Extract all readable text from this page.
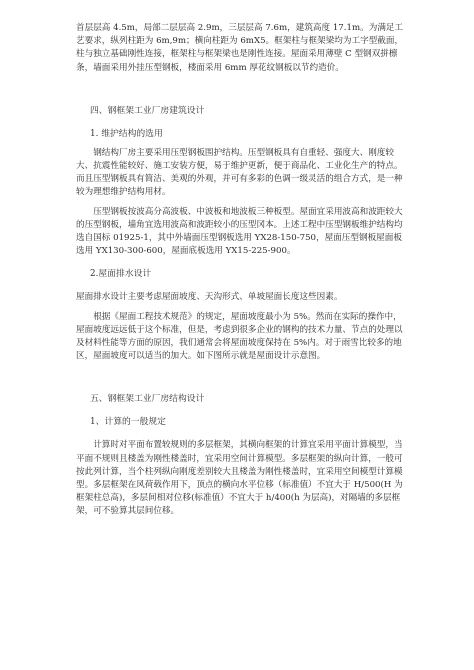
首层层高 4.5m，局部二层层高 2.9m，三层层高 7.6m，建筑高度 17.1m。为满足工艺要求，纵列柱距为 6m,9m；横向柱距为 6mX5。框架柱与框架梁均为工字型截面，柱与独立基础刚性连接，框架柱与框架梁也是刚性连接。屋面采用薄壁 C 型钢双拼檩条，墙面采用外挂压型钢板，楼面采用 6mm 厚花纹钢板以节约造价。

四、钢框架工业厂房建筑设计

1. 维护结构的选用

钢结构厂房主要采用压型钢板围护结构。压型钢板具有自重轻、强度大、刚度较大、抗震性能较好、施工安装方便，易于维护更新，便于商品化、工业化生产的特点。而且压型钢板具有简洁、美观的外观，并可有多彩的色调一级灵活的组合方式，是一种较为理想维护结构用材。

压型钢板按波高分高波板、中波板和地波板三种板型。屋面宜采用波高和波距较大的压型钢板，墙角宜选用波高和波距较小的压型冈本。上述工程中压型钢板维护结构均选自国标 01925-1，其中外墙面压型钢板选用 YX28-150-750，屋面压型钢板屋面板选用 YX130-300-600，屋面底板选用 YX15-225-900。

2.屋面排水设计

屋面排水设计主要考虑屋面坡度、天沟形式、单坡屋面长度这些因素。

根据《屋面工程技术规范》的规定，屋面坡度最小为 5%。然而在实际的操作中，屋面坡度远远低于这个标准，但是，考虑到很多企业的钢构的技术力量、节点的处理以及材料性能等方面的原因，我们通常会将屋面坡度保持在 5%内。对于雨雪比较多的地区，屋面坡度可以适当的加大。如下图所示就是屋面设计示意图。

五、钢框架工业厂房结构设计

1、计算的一般规定

计算时对平面布置较规则的多层框架，其横向框架的计算宜采用平面计算模型，当平面不规则且楼盖为刚性楼盖时，宜采用空间计算模型。多层框架的纵向计算，一般可按此列计算，当个柱列纵向刚度差别较大且楼盖为刚性楼盖时，宜采用空间模型计算模型。多层框架在风荷载作用下，顶点的横向水平位移（标准值）不宜大于 H/500(H 为框架柱总高)，多层间相对位移(标准值）不宜大于 h/400(h 为层高)，对隔墙的多层框架，可不验算其层间位移。
